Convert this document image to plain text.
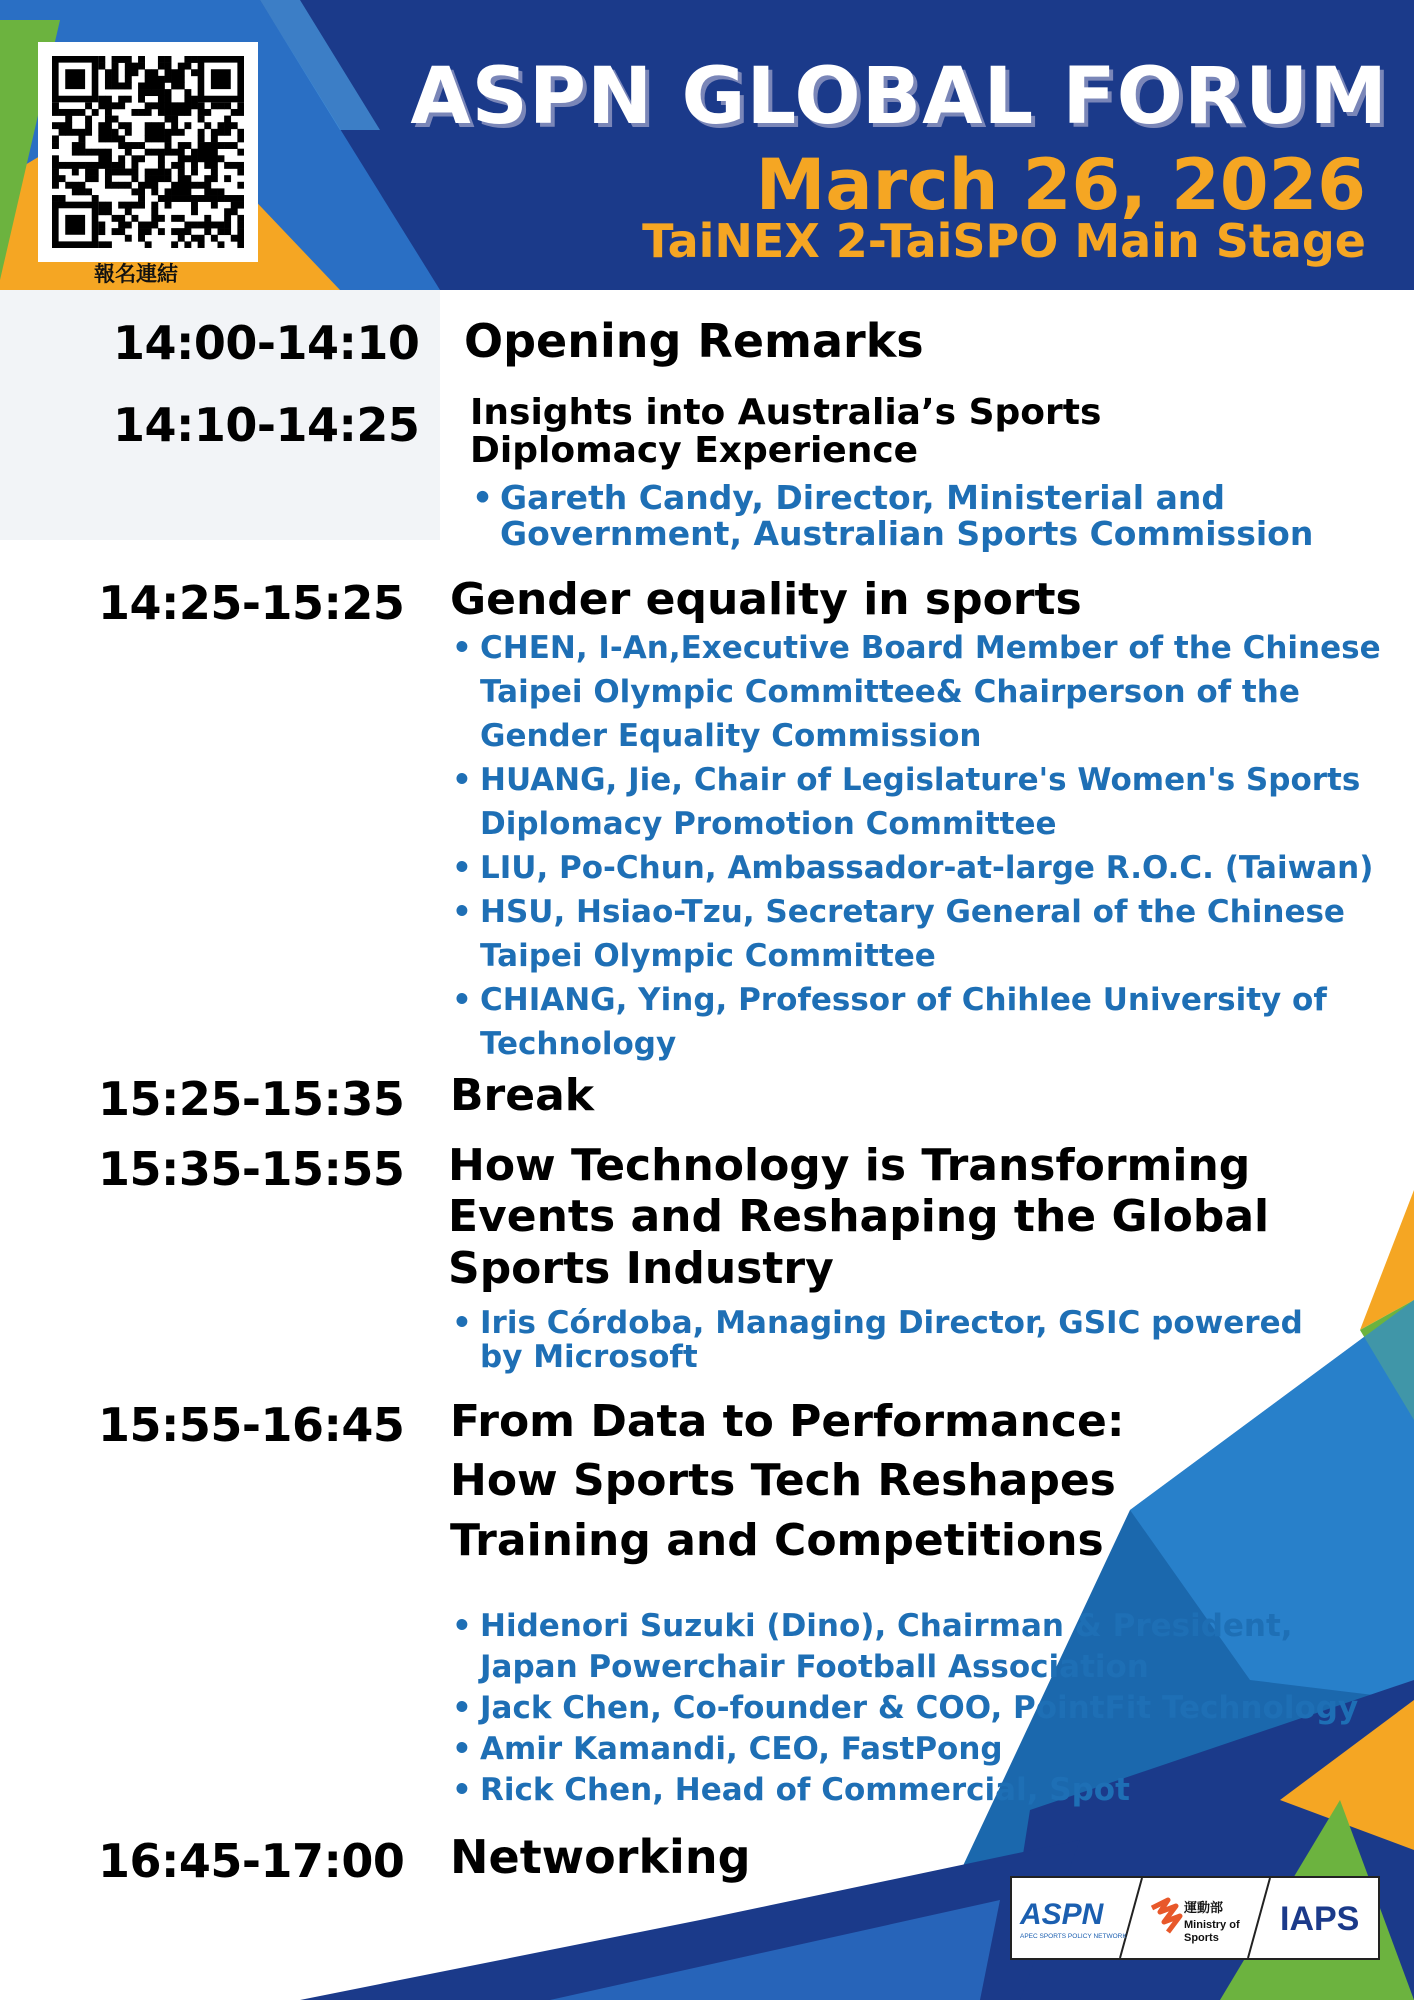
報名連結
ASPN GLOBAL FORUM
March 26, 2026
TaiNEX 2-TaiSPO Main Stage
14:00-14:10 Opening Remarks
14:10-14:25 Insights into Australia’s Sports Diplomacy Experience
• Gareth Candy, Director, Ministerial and Government, Australian Sports Commission
14:25-15:25 Gender equality in sports
• CHEN, I-An,Executive Board Member of the Chinese Taipei Olympic Committee& Chairperson of the Gender Equality Commission
• HUANG, Jie, Chair of Legislature's Women's Sports Diplomacy Promotion Committee
• LIU, Po-Chun, Ambassador-at-large R.O.C. (Taiwan)
• HSU, Hsiao-Tzu, Secretary General of the Chinese Taipei Olympic Committee
• CHIANG, Ying, Professor of Chihlee University of Technology
15:25-15:35 Break
15:35-15:55 How Technology is Transforming Events and Reshaping the Global Sports Industry
• Iris Córdoba, Managing Director, GSIC powered by Microsoft
15:55-16:45 From Data to Performance: How Sports Tech Reshapes Training and Competitions
• Hidenori Suzuki (Dino), Chairman & President, Japan Powerchair Football Association
• Jack Chen, Co-founder & COO, PointFit Technology
• Amir Kamandi, CEO, FastPong
• Rick Chen, Head of Commercial, Spot
16:45-17:00 Networking
ASPN
APEC SPORTS POLICY NETWORK
運動部
Ministry of
Sports IAPS
